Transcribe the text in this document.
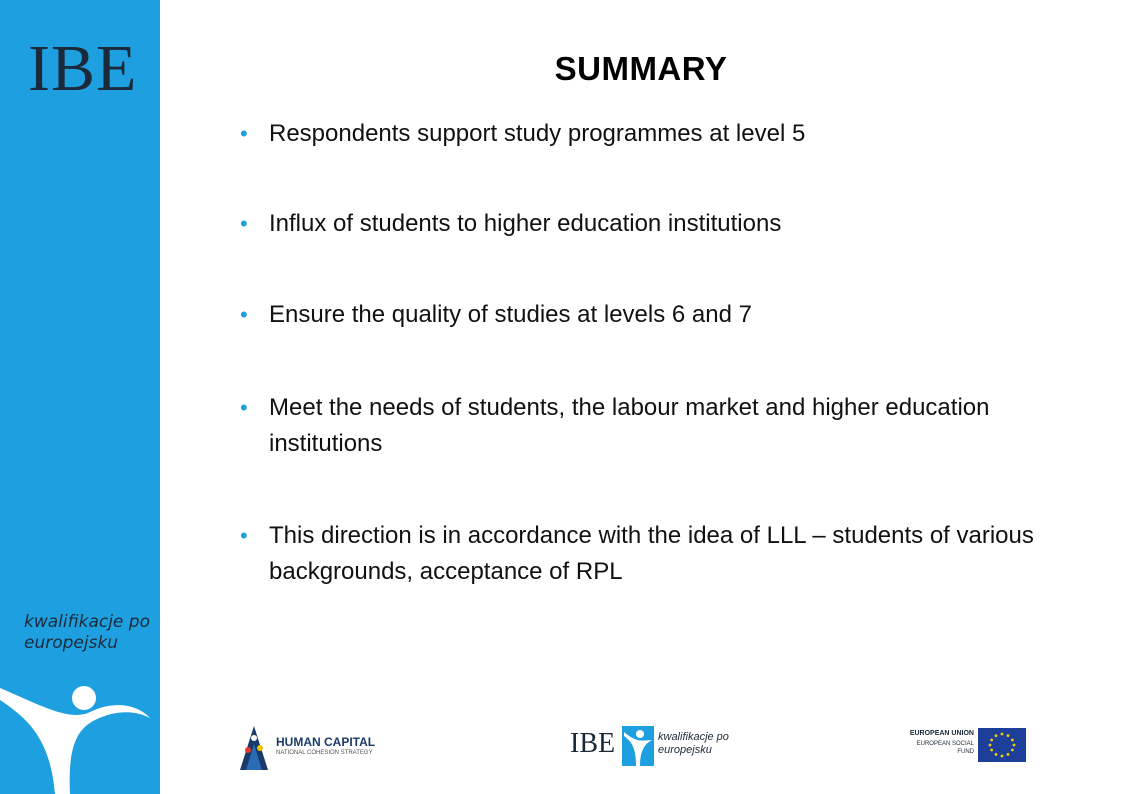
IBE
kwalifikacje po europejsku
SUMMARY
• Respondents support study programmes at level 5
• Influx of students to higher education institutions
• Ensure the quality of studies at levels 6 and 7
• Meet the needs of students, the labour market and higher education institutions
• This direction is in accordance with the idea of LLL – students of various backgrounds, acceptance of RPL
HUMAN CAPITAL
NATIONAL COHESION STRATEGY	IBE	kwalifikacje po europejsku
EUROPEAN UNION
EUROPEAN SOCIAL FUND
